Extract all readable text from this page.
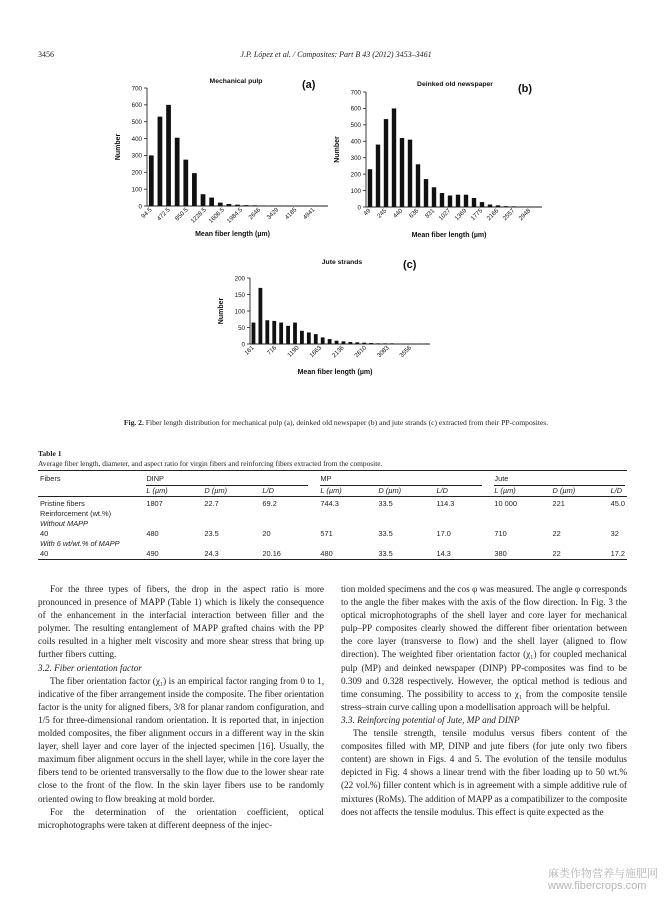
3456	J.P. López et al. / Composites: Part B 43 (2012) 3453–3461
0
100
200
300
400
500
600
700
94.5 472.5 850.5 1228.5 1606.5 1984.5 2646 3429 4185 4941
Mechanical pulp	(a)
Mean fiber length (µm)
Number
0
100
200
300
400
500
600
700
49 245 440 636 831 1027 1369 1775 2166 2557 2948
Deinked old newspaper (b)
Mean fiber length (µm)
Number
0
50
100
150
200
161 716 1190 1663 2136 2610 3083 3556
Jute strands	(c)
Mean fiber length (µm)
Number
Fig. 2. Fiber length distribution for mechanical pulp (a), deinked old newspaper (b) and jute strands (c) extracted from their PP-composites.
Table 1
Average fiber length, diameter, and aspect ratio for virgin fibers and reinforcing fibers extracted from the composite.
Fibers	DINP			MP			Jute		

	L (µm)	D (µm)	L/D	L (µm)	D (µm)	L/D	L (µm)	D (µm)	L/D
Pristine fibers	1807	22.7	69.2	744.3	33.5	114.3	10 000	221	45.0
Reinforcement (wt.%)									
Without MAPP									
40	480	23.5	20	571	33.5	17.0	710	22	32
With 6 wt/wt.% of MAPP									
40	490	24.3	20.16	480	33.5	14.3	380	22	17.2

For the three types of fibers, the drop in the aspect ratio is more pronounced in presence of MAPP (Table 1) which is likely the consequence of the enhancement in the interfacial interaction between filler and the polymer. The resulting entanglement of MAPP grafted chains with the PP coils resulted in a higher melt viscosity and more shear stress that bring up further fibers cutting.

3.2. Fiber orientation factor

The fiber orientation factor (χ₁) is an empirical factor ranging from 0 to 1, indicative of the fiber arrangement inside the composite. The fiber orientation factor is the unity for aligned fibers, 3/8 for planar random configuration, and 1/5 for three-dimensional random orientation. It is reported that, in injection molded composites, the fiber alignment occurs in a different way in the skin layer, shell layer and core layer of the injected specimen [16]. Usually, the maximum fiber alignment occurs in the shell layer, while in the core layer the fibers tend to be oriented transversally to the flow due to the lower shear rate close to the front of the flow. In the skin layer fibers use to be randomly oriented owing to flow breaking at mold border.

For the determination of the orientation coefficient, optical microphotographs were taken at different deepness of the injec-

tion molded specimens and the cos φ was measured. The angle φ corresponds to the angle the fiber makes with the axis of the flow direction. In Fig. 3 the optical microphotographs of the shell layer and core layer for mechanical pulp–PP composites clearly showed the different fiber orientation between the core layer (transverse to flow) and the shell layer (aligned to flow direction). The weighted fiber orientation factor (χ₁) for coupled mechanical pulp (MP) and deinked newspaper (DINP) PP-composites was find to be 0.309 and 0.328 respectively. However, the optical method is tedious and time consuming. The possibility to access to χ₁ from the composite tensile stress–strain curve calling upon a modellisation approach will be helpful.

3.3. Reinforcing potential of Jute, MP and DINP

The tensile strength, tensile modulus versus fibers content of the composites filled with MP, DINP and jute fibers (for jute only two fibers content) are shown in Figs. 4 and 5. The evolution of the tensile modulus depicted in Fig. 4 shows a linear trend with the fiber loading up to 50 wt.% (22 vol.%) filler content which is in agreement with a simple additive rule of mixtures (RoMs). The addition of MAPP as a compatibilizer to the composite does not affects the tensile modulus. This effect is quite expected as the

麻类作物营养与施肥网
www.fibercrops.com
